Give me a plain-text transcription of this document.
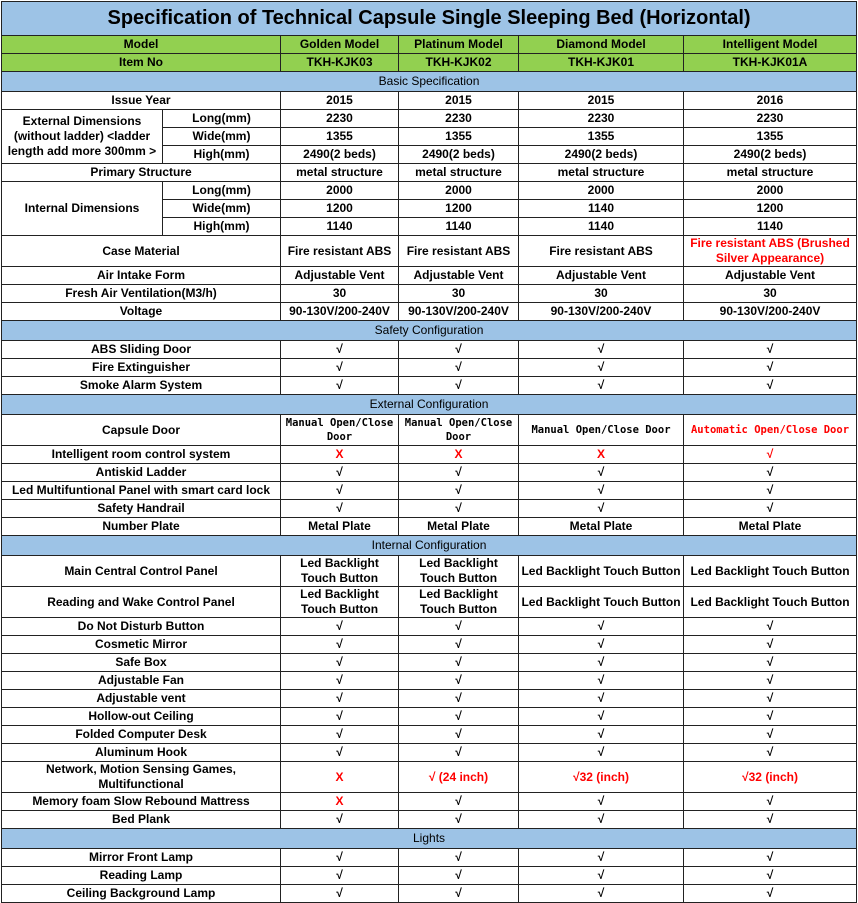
Specification of Technical Capsule Single Sleeping Bed (Horizontal)					
Model		Golden Model	Platinum Model	Diamond Model	Intelligent Model
Item No		TKH-KJK03	TKH-KJK02	TKH-KJK01	TKH-KJK01A
Basic Specification					
Issue Year		2015	2015	2015	2016
External Dimensions (without ladder) <ladder length add more 300mm >	Long(mm)	2230	2230	2230	2230
	Wide(mm)	1355	1355	1355	1355
	High(mm)	2490(2 beds)	2490(2 beds)	2490(2 beds)	2490(2 beds)
Primary Structure		metal structure	metal structure	metal structure	metal structure
Internal Dimensions	Long(mm)	2000	2000	2000	2000
	Wide(mm)	1200	1200	1140	1200
	High(mm)	1140	1140	1140	1140
Case Material		Fire resistant ABS	Fire resistant ABS	Fire resistant ABS	Fire resistant ABS (Brushed Silver Appearance)
Air Intake Form		Adjustable Vent	Adjustable Vent	Adjustable Vent	Adjustable Vent
Fresh Air Ventilation(M3/h)		30	30	30	30
Voltage		90-130V/200-240V	90-130V/200-240V	90-130V/200-240V	90-130V/200-240V
Safety Configuration					
ABS Sliding Door		√	√	√	√
Fire Extinguisher		√	√	√	√
Smoke Alarm System		√	√	√	√
External Configuration					
Capsule Door		Manual Open/Close Door	Manual Open/Close Door	Manual Open/Close Door	Automatic Open/Close Door
Intelligent room control system		X	X	X	√
Antiskid Ladder		√	√	√	√
Led Multifuntional Panel with smart card lock		√	√	√	√
Safety Handrail		√	√	√	√
Number Plate		Metal Plate	Metal Plate	Metal Plate	Metal Plate
Internal Configuration					
Main Central Control Panel		Led Backlight Touch Button	Led Backlight Touch Button	Led Backlight Touch Button	Led Backlight Touch Button
Reading and Wake Control Panel		Led Backlight Touch Button	Led Backlight Touch Button	Led Backlight Touch Button	Led Backlight Touch Button
Do Not Disturb Button		√	√	√	√
Cosmetic Mirror		√	√	√	√
Safe Box		√	√	√	√
Adjustable Fan		√	√	√	√
Adjustable vent		√	√	√	√
Hollow-out Ceiling		√	√	√	√
Folded Computer Desk		√	√	√	√
Aluminum Hook		√	√	√	√
Network, Motion Sensing Games, Multifunctional		X	√ (24 inch)	√32 (inch)	√32 (inch)
Memory foam Slow Rebound Mattress		X	√	√	√
Bed Plank		√	√	√	√
Lights					
Mirror Front Lamp		√	√	√	√
Reading Lamp		√	√	√	√
Ceiling Background Lamp		√	√	√	√
